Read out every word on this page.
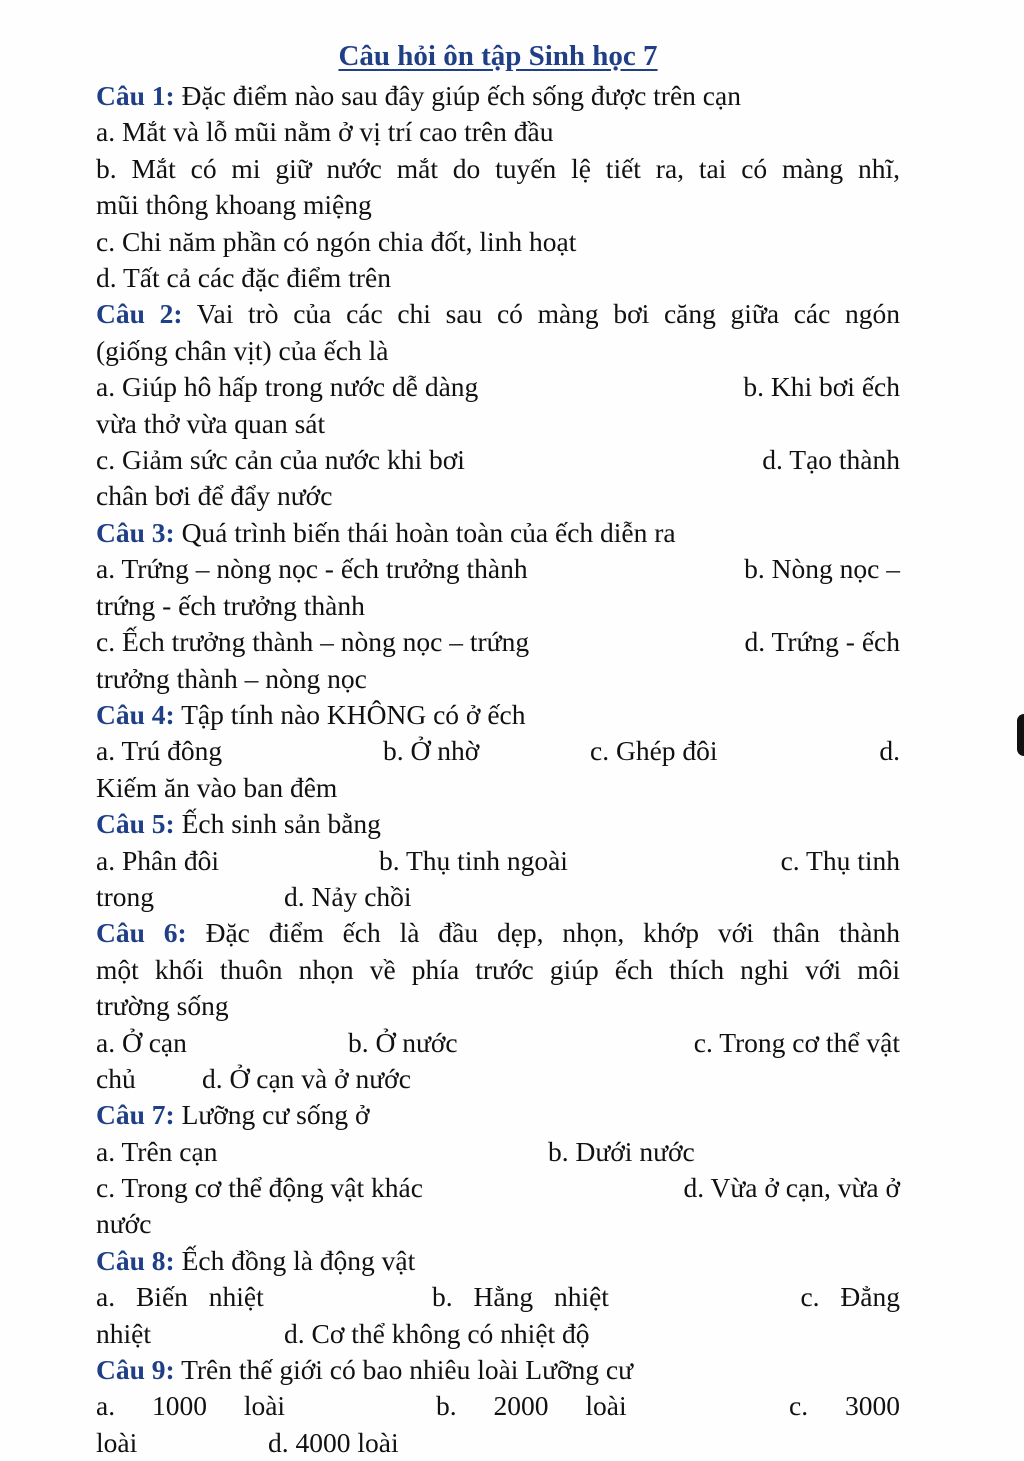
Câu hỏi ôn tập Sinh học 7
Câu 1: Đặc điểm nào sau đây giúp ếch sống được trên cạn
a. Mắt và lỗ mũi nằm ở vị trí cao trên đầu
b. Mắt có mi giữ nước mắt do tuyến lệ tiết ra, tai có màng nhĩ,
mũi thông khoang miệng
c. Chi năm phần có ngón chia đốt, linh hoạt
d. Tất cả các đặc điểm trên
Câu 2: Vai trò của các chi sau có màng bơi căng giữa các ngón
(giống chân vịt) của ếch là
a. Giúp hô hấp trong nước dễ dàng	b. Khi bơi ếch
vừa thở vừa quan sát
c. Giảm sức cản của nước khi bơi	d. Tạo thành
chân bơi để đẩy nước
Câu 3: Quá trình biến thái hoàn toàn của ếch diễn ra
a. Trứng – nòng nọc - ếch trưởng thành	b. Nòng nọc –
trứng - ếch trưởng thành
c. Ếch trưởng thành – nòng nọc – trứng	d. Trứng - ếch
trưởng thành – nòng nọc
Câu 4: Tập tính nào KHÔNG có ở ếch
a. Trú đông	b. Ở nhờ	c. Ghép đôi	d.
Kiếm ăn vào ban đêm
Câu 5: Ếch sinh sản bằng
a. Phân đôi	b. Thụ tinh ngoài	c. Thụ tinh
trong	d. Nảy chồi
Câu 6: Đặc điểm ếch là đầu dẹp, nhọn, khớp với thân thành
một khối thuôn nhọn về phía trước giúp ếch thích nghi với môi
trường sống
a. Ở cạn	b. Ở nước	c. Trong cơ thể vật
chủ d. Ở cạn và ở nước
Câu 7: Lưỡng cư sống ở
a. Trên cạn	b. Dưới nước
c. Trong cơ thể động vật khác	d. Vừa ở cạn, vừa ở
nước
Câu 8: Ếch đồng là động vật
a. Biến nhiệt	b. Hằng nhiệt	c. Đẳng
nhiệt	d. Cơ thể không có nhiệt độ
Câu 9: Trên thế giới có bao nhiêu loài Lưỡng cư
a. 1000 loài	b. 2000 loài	c. 3000
loài	d. 4000 loài
